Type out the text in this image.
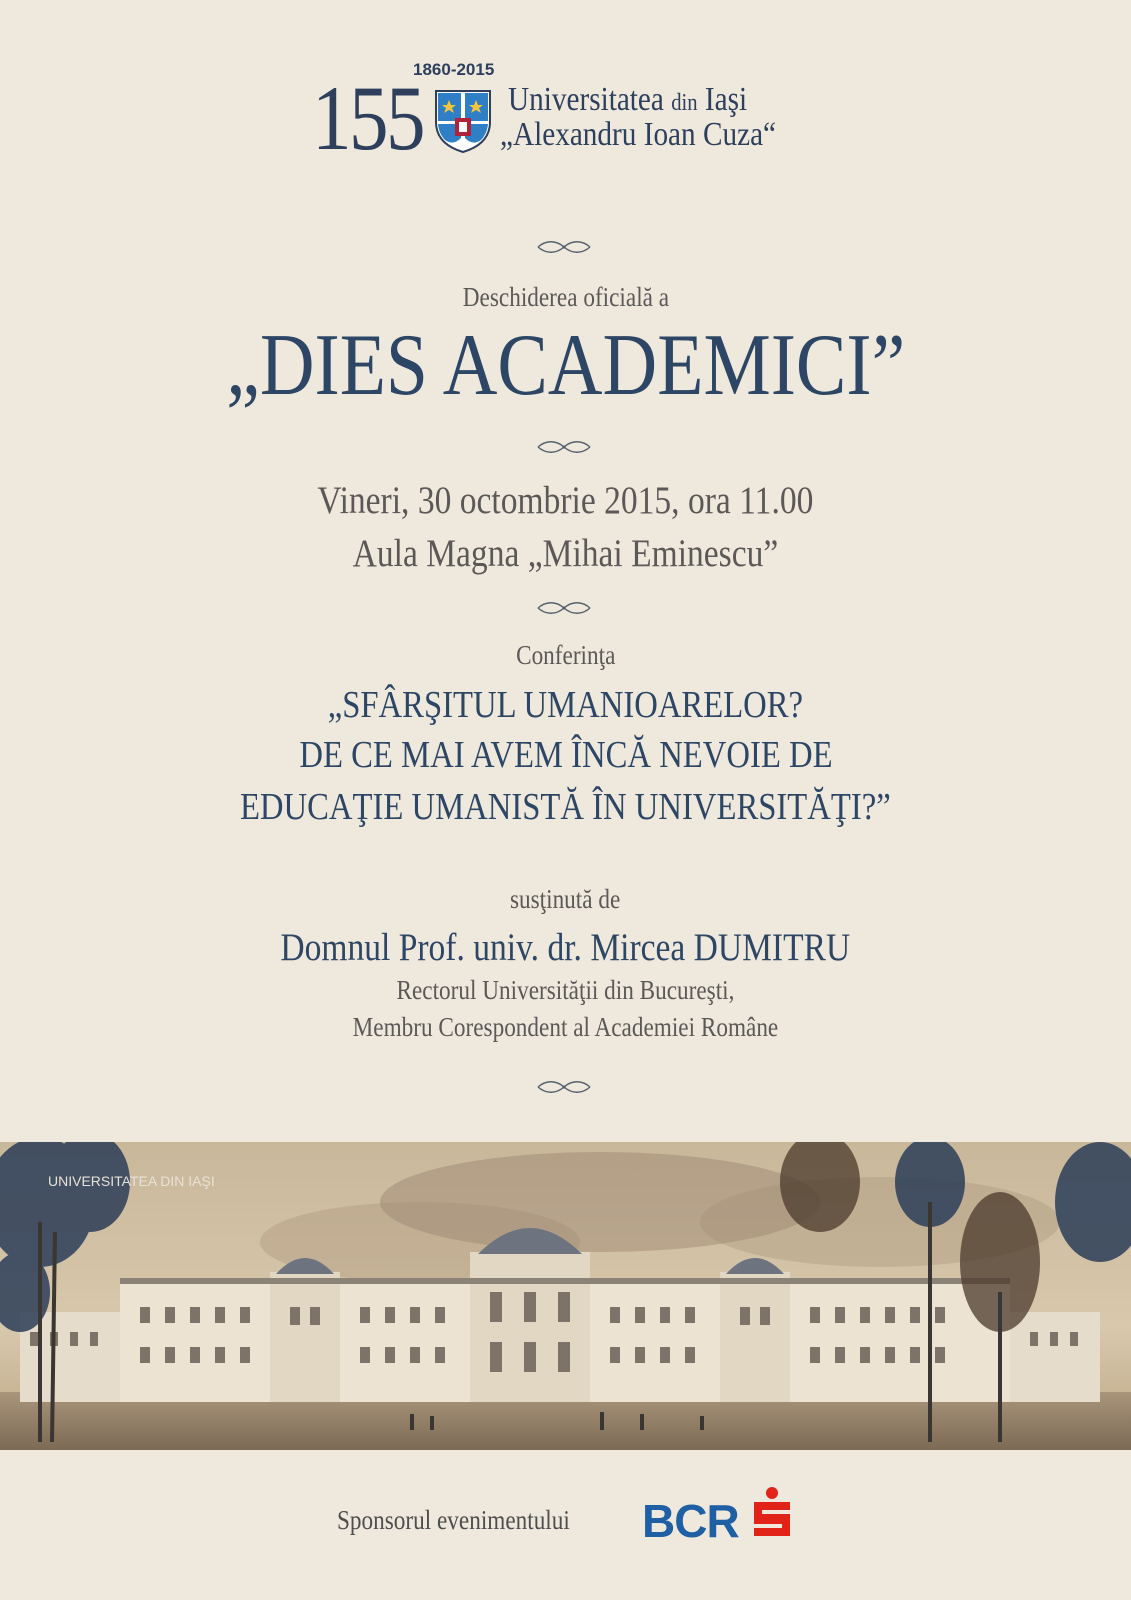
1860-2015
155	Universitatea din Iaşi
„Alexandru Ioan Cuza“
Deschiderea oficială a
„DIES ACADEMICI”
Vineri, 30 octombrie 2015, ora 11.00
Aula Magna „Mihai Eminescu”
Conferinţa
„SFÂRŞITUL UMANIOARELOR?
DE CE MAI AVEM ÎNCĂ NEVOIE DE
EDUCAŢIE UMANISTĂ ÎN UNIVERSITĂŢI?”
susţinută de
Domnul Prof. univ. dr. Mircea DUMITRU
Rectorul Universităţii din Bucureşti,
Membru Corespondent al Academiei Române
UNIVERSITATEA DIN IAŞI
Sponsorul evenimentului BCR
